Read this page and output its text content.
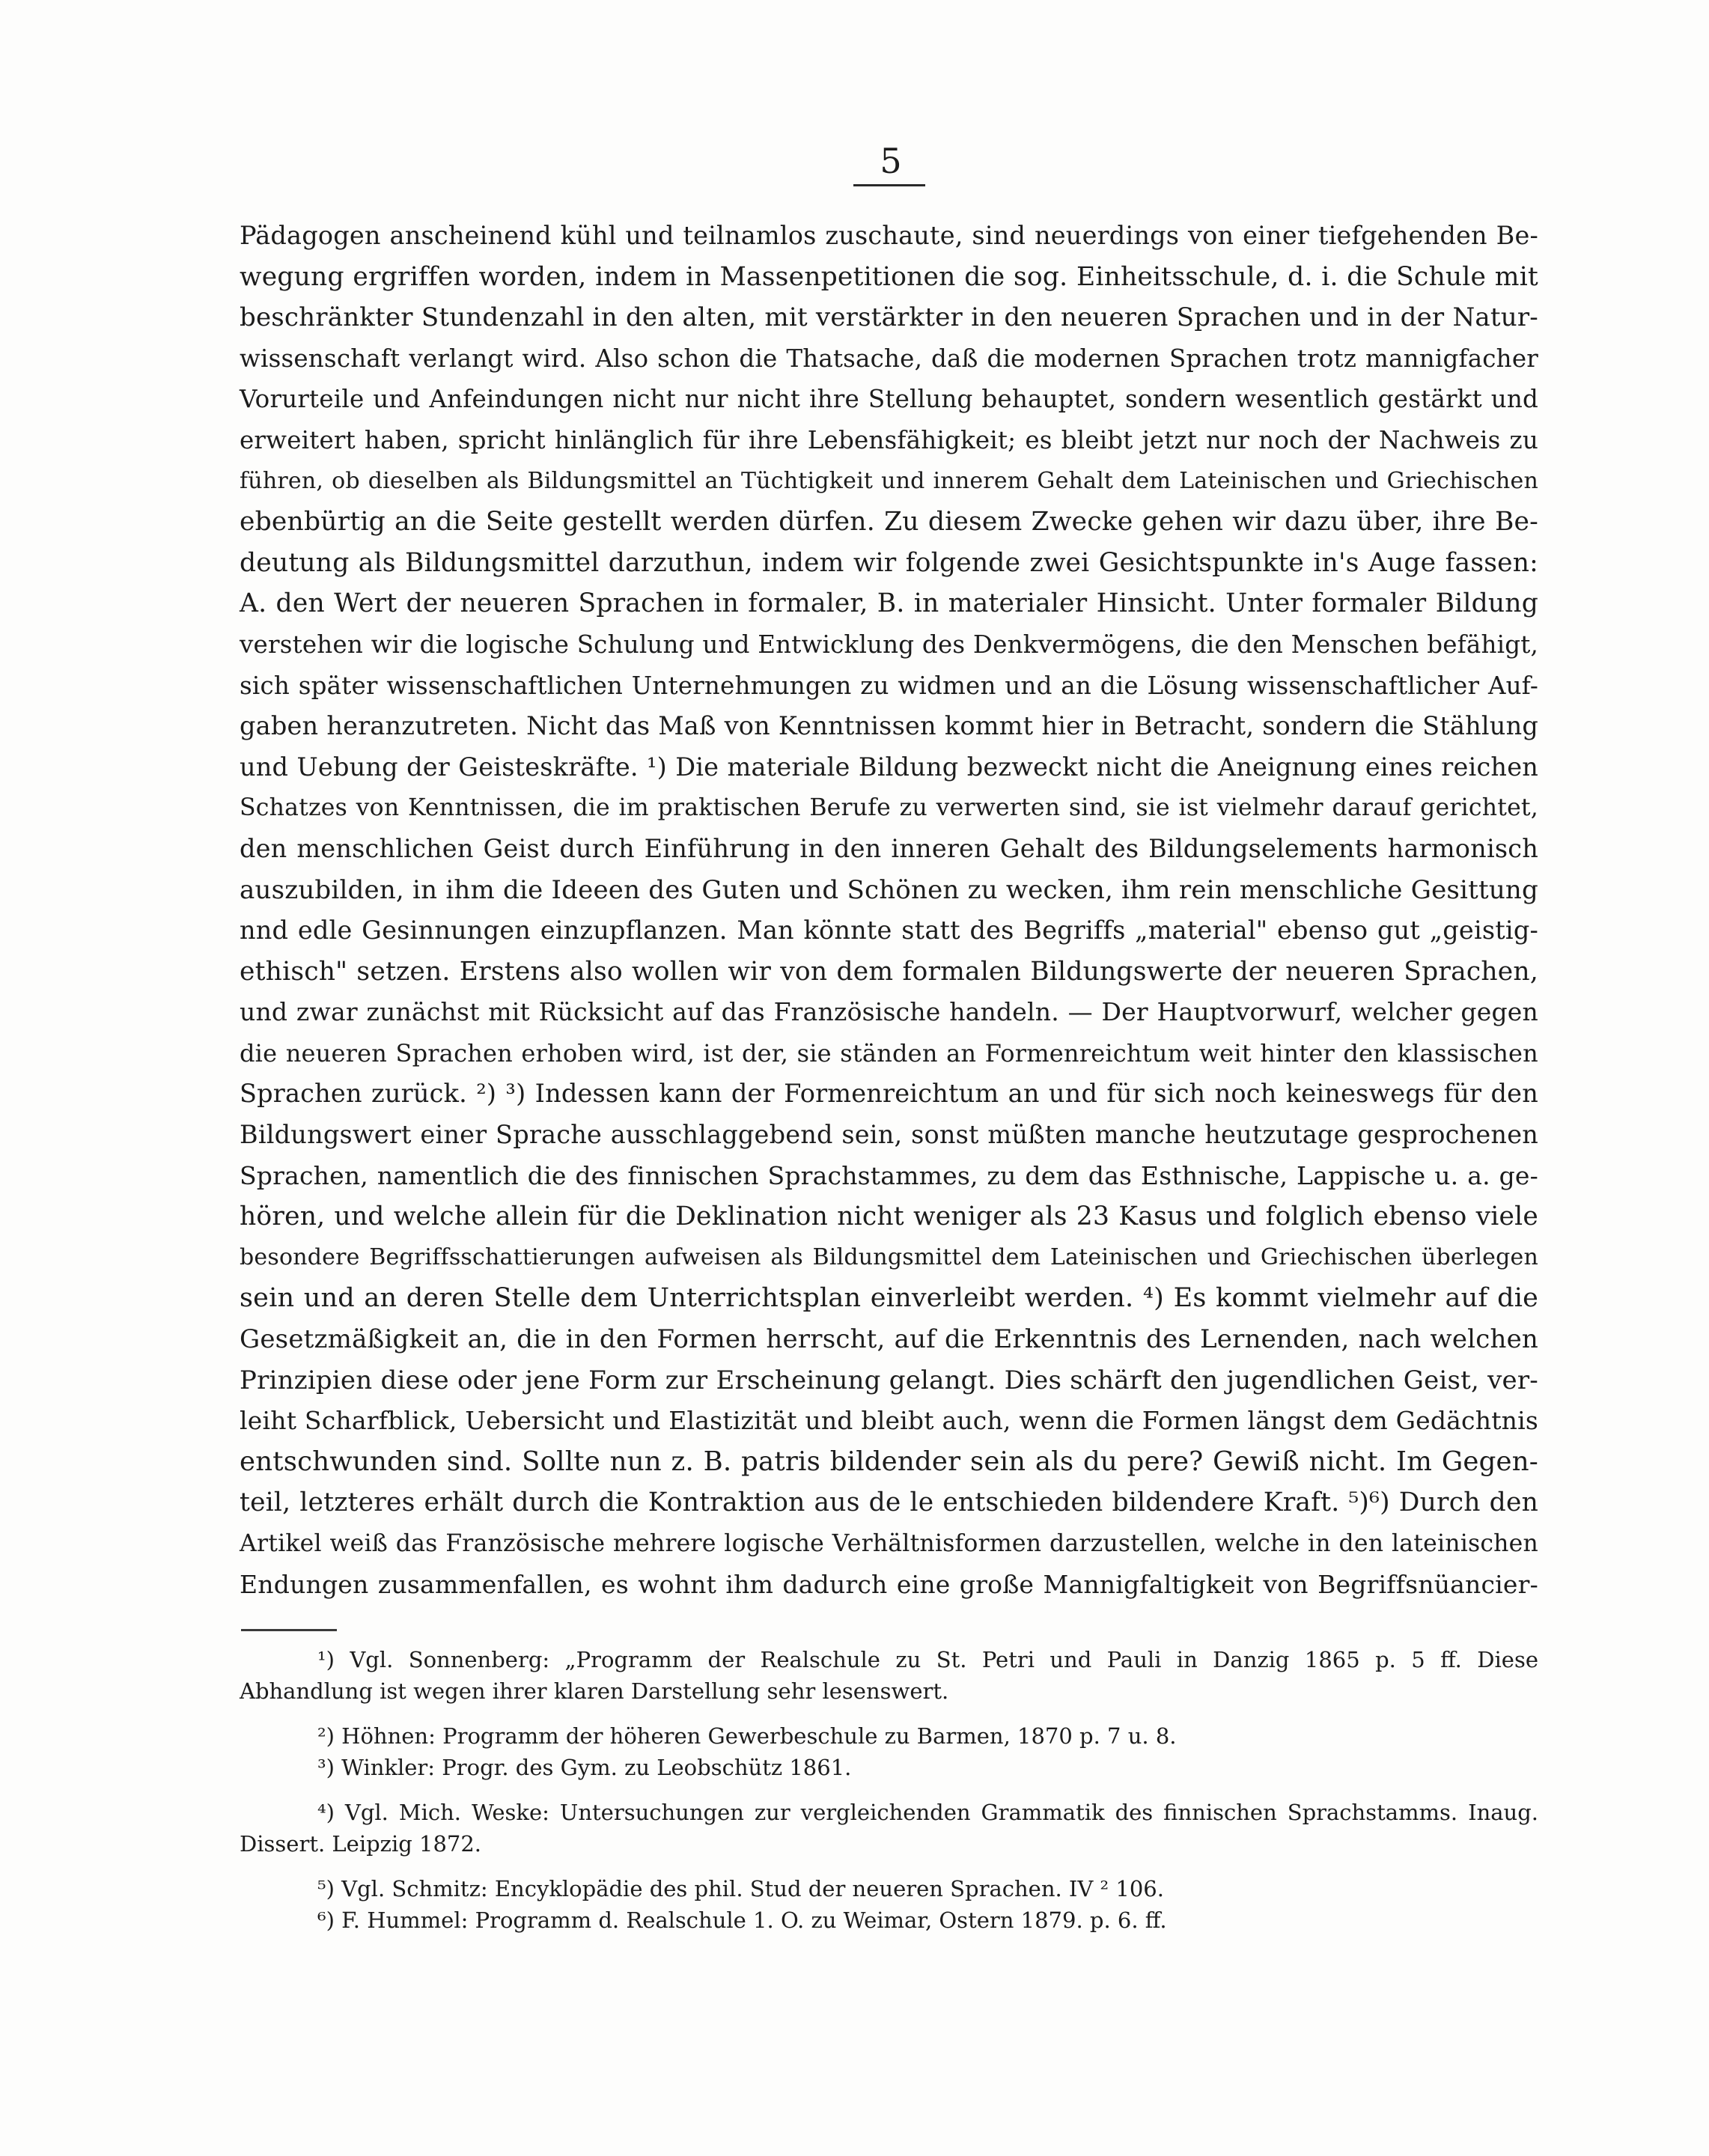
5
Pädagogen anscheinend kühl und teilnamlos zuschaute, sind neuerdings von einer tiefgehenden Be-
wegung ergriffen worden, indem in Massenpetitionen die sog. Einheitsschule, d. i. die Schule mit
beschränkter Stundenzahl in den alten, mit verstärkter in den neueren Sprachen und in der Natur-
wissenschaft verlangt wird. Also schon die Thatsache, daß die modernen Sprachen trotz mannigfacher
Vorurteile und Anfeindungen nicht nur nicht ihre Stellung behauptet, sondern wesentlich gestärkt und
erweitert haben, spricht hinlänglich für ihre Lebensfähigkeit; es bleibt jetzt nur noch der Nachweis zu
führen, ob dieselben als Bildungsmittel an Tüchtigkeit und innerem Gehalt dem Lateinischen und Griechischen
ebenbürtig an die Seite gestellt werden dürfen. Zu diesem Zwecke gehen wir dazu über, ihre Be-
deutung als Bildungsmittel darzuthun, indem wir folgende zwei Gesichtspunkte in's Auge fassen:
A. den Wert der neueren Sprachen in formaler, B. in materialer Hinsicht. Unter formaler Bildung
verstehen wir die logische Schulung und Entwicklung des Denkvermögens, die den Menschen befähigt,
sich später wissenschaftlichen Unternehmungen zu widmen und an die Lösung wissenschaftlicher Auf-
gaben heranzutreten. Nicht das Maß von Kenntnissen kommt hier in Betracht, sondern die Stählung
und Uebung der Geisteskräfte. ¹) Die materiale Bildung bezweckt nicht die Aneignung eines reichen
Schatzes von Kenntnissen, die im praktischen Berufe zu verwerten sind, sie ist vielmehr darauf gerichtet,
den menschlichen Geist durch Einführung in den inneren Gehalt des Bildungselements harmonisch
auszubilden, in ihm die Ideeen des Guten und Schönen zu wecken, ihm rein menschliche Gesittung
nnd edle Gesinnungen einzupflanzen. Man könnte statt des Begriffs „material" ebenso gut „geistig-
ethisch" setzen. Erstens also wollen wir von dem formalen Bildungswerte der neueren Sprachen,
und zwar zunächst mit Rücksicht auf das Französische handeln. — Der Hauptvorwurf, welcher gegen
die neueren Sprachen erhoben wird, ist der, sie ständen an Formenreichtum weit hinter den klassischen
Sprachen zurück. ²) ³) Indessen kann der Formenreichtum an und für sich noch keineswegs für den
Bildungswert einer Sprache ausschlaggebend sein, sonst müßten manche heutzutage gesprochenen
Sprachen, namentlich die des finnischen Sprachstammes, zu dem das Esthnische, Lappische u. a. ge-
hören, und welche allein für die Deklination nicht weniger als 23 Kasus und folglich ebenso viele
besondere Begriffsschattierungen aufweisen als Bildungsmittel dem Lateinischen und Griechischen überlegen
sein und an deren Stelle dem Unterrichtsplan einverleibt werden. ⁴) Es kommt vielmehr auf die
Gesetzmäßigkeit an, die in den Formen herrscht, auf die Erkenntnis des Lernenden, nach welchen
Prinzipien diese oder jene Form zur Erscheinung gelangt. Dies schärft den jugendlichen Geist, ver-
leiht Scharfblick, Uebersicht und Elastizität und bleibt auch, wenn die Formen längst dem Gedächtnis
entschwunden sind. Sollte nun z. B. patris bildender sein als du pere? Gewiß nicht. Im Gegen-
teil, letzteres erhält durch die Kontraktion aus de le entschieden bildendere Kraft. ⁵)⁶) Durch den
Artikel weiß das Französische mehrere logische Verhältnisformen darzustellen, welche in den lateinischen
Endungen zusammenfallen, es wohnt ihm dadurch eine große Mannigfaltigkeit von Begriffsnüancier-
¹) Vgl. Sonnenberg: „Programm der Realschule zu St. Petri und Pauli in Danzig 1865 p. 5 ff. Diese
Abhandlung ist wegen ihrer klaren Darstellung sehr lesenswert.
²) Höhnen: Programm der höheren Gewerbeschule zu Barmen, 1870 p. 7 u. 8.
³) Winkler: Progr. des Gym. zu Leobschütz 1861.
⁴) Vgl. Mich. Weske: Untersuchungen zur vergleichenden Grammatik des finnischen Sprachstamms. Inaug.
Dissert. Leipzig 1872.
⁵) Vgl. Schmitz: Encyklopädie des phil. Stud der neueren Sprachen. IV ² 106.
⁶) F. Hummel: Programm d. Realschule 1. O. zu Weimar, Ostern 1879. p. 6. ff.
